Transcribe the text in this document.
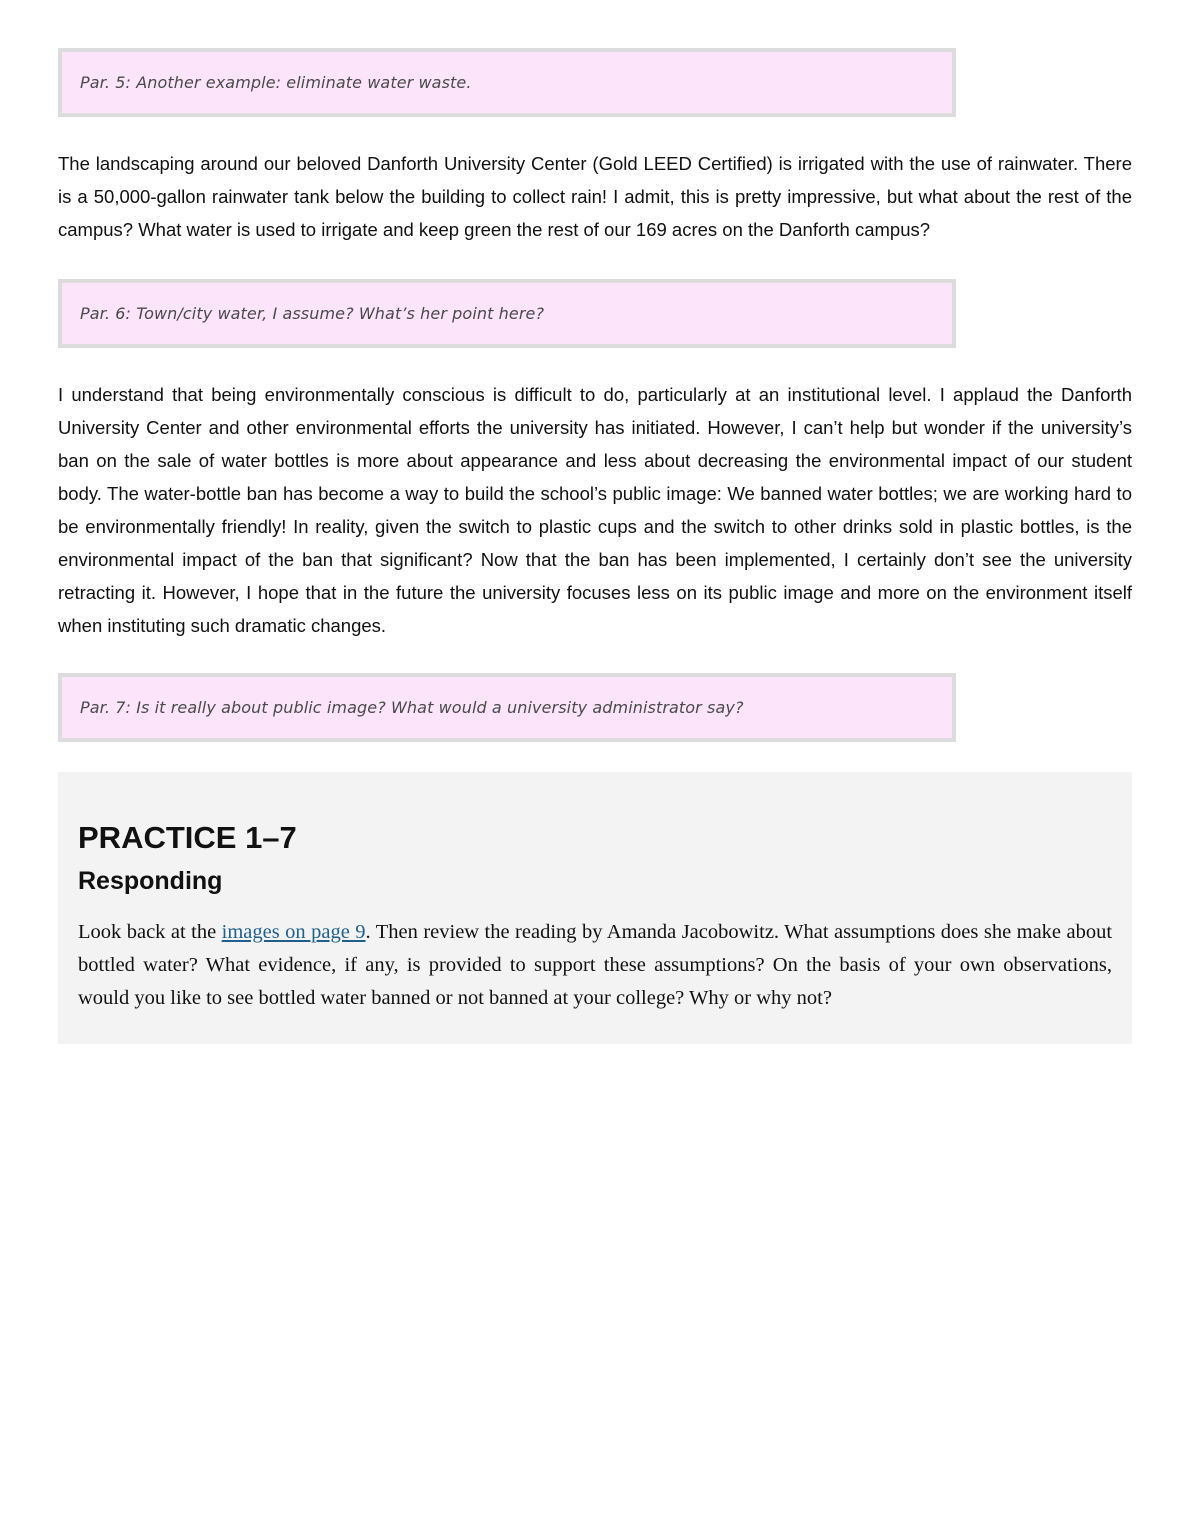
Par. 5: Another example: eliminate water waste.

The landscaping around our beloved Danforth University Center (Gold LEED Certified) is irrigated with the use of rainwater. There is a 50,000-gallon rainwater tank below the building to collect rain! I admit, this is pretty impressive, but what about the rest of the campus? What water is used to irrigate and keep green the rest of our 169 acres on the Danforth campus?

Par. 6: Town/city water, I assume? What’s her point here?

I understand that being environmentally conscious is difficult to do, particularly at an institutional level. I applaud the Danforth University Center and other environmental efforts the university has initiated. However, I can’t help but wonder if the university’s ban on the sale of water bottles is more about appearance and less about decreasing the environmental impact of our student body. The water-bottle ban has become a way to build the school’s public image: We banned water bottles; we are working hard to be environmentally friendly! In reality, given the switch to plastic cups and the switch to other drinks sold in plastic bottles, is the environmental impact of the ban that significant? Now that the ban has been implemented, I certainly don’t see the university retracting it. However, I hope that in the future the university focuses less on its public image and more on the environment itself when instituting such dramatic changes.

Par. 7: Is it really about public image? What would a university administrator say?
PRACTICE 1–7
Responding

Look back at the images on page 9. Then review the reading by Amanda Jacobowitz. What assumptions does she make about bottled water? What evidence, if any, is provided to support these assumptions? On the basis of your own observations, would you like to see bottled water banned or not banned at your college? Why or why not?
